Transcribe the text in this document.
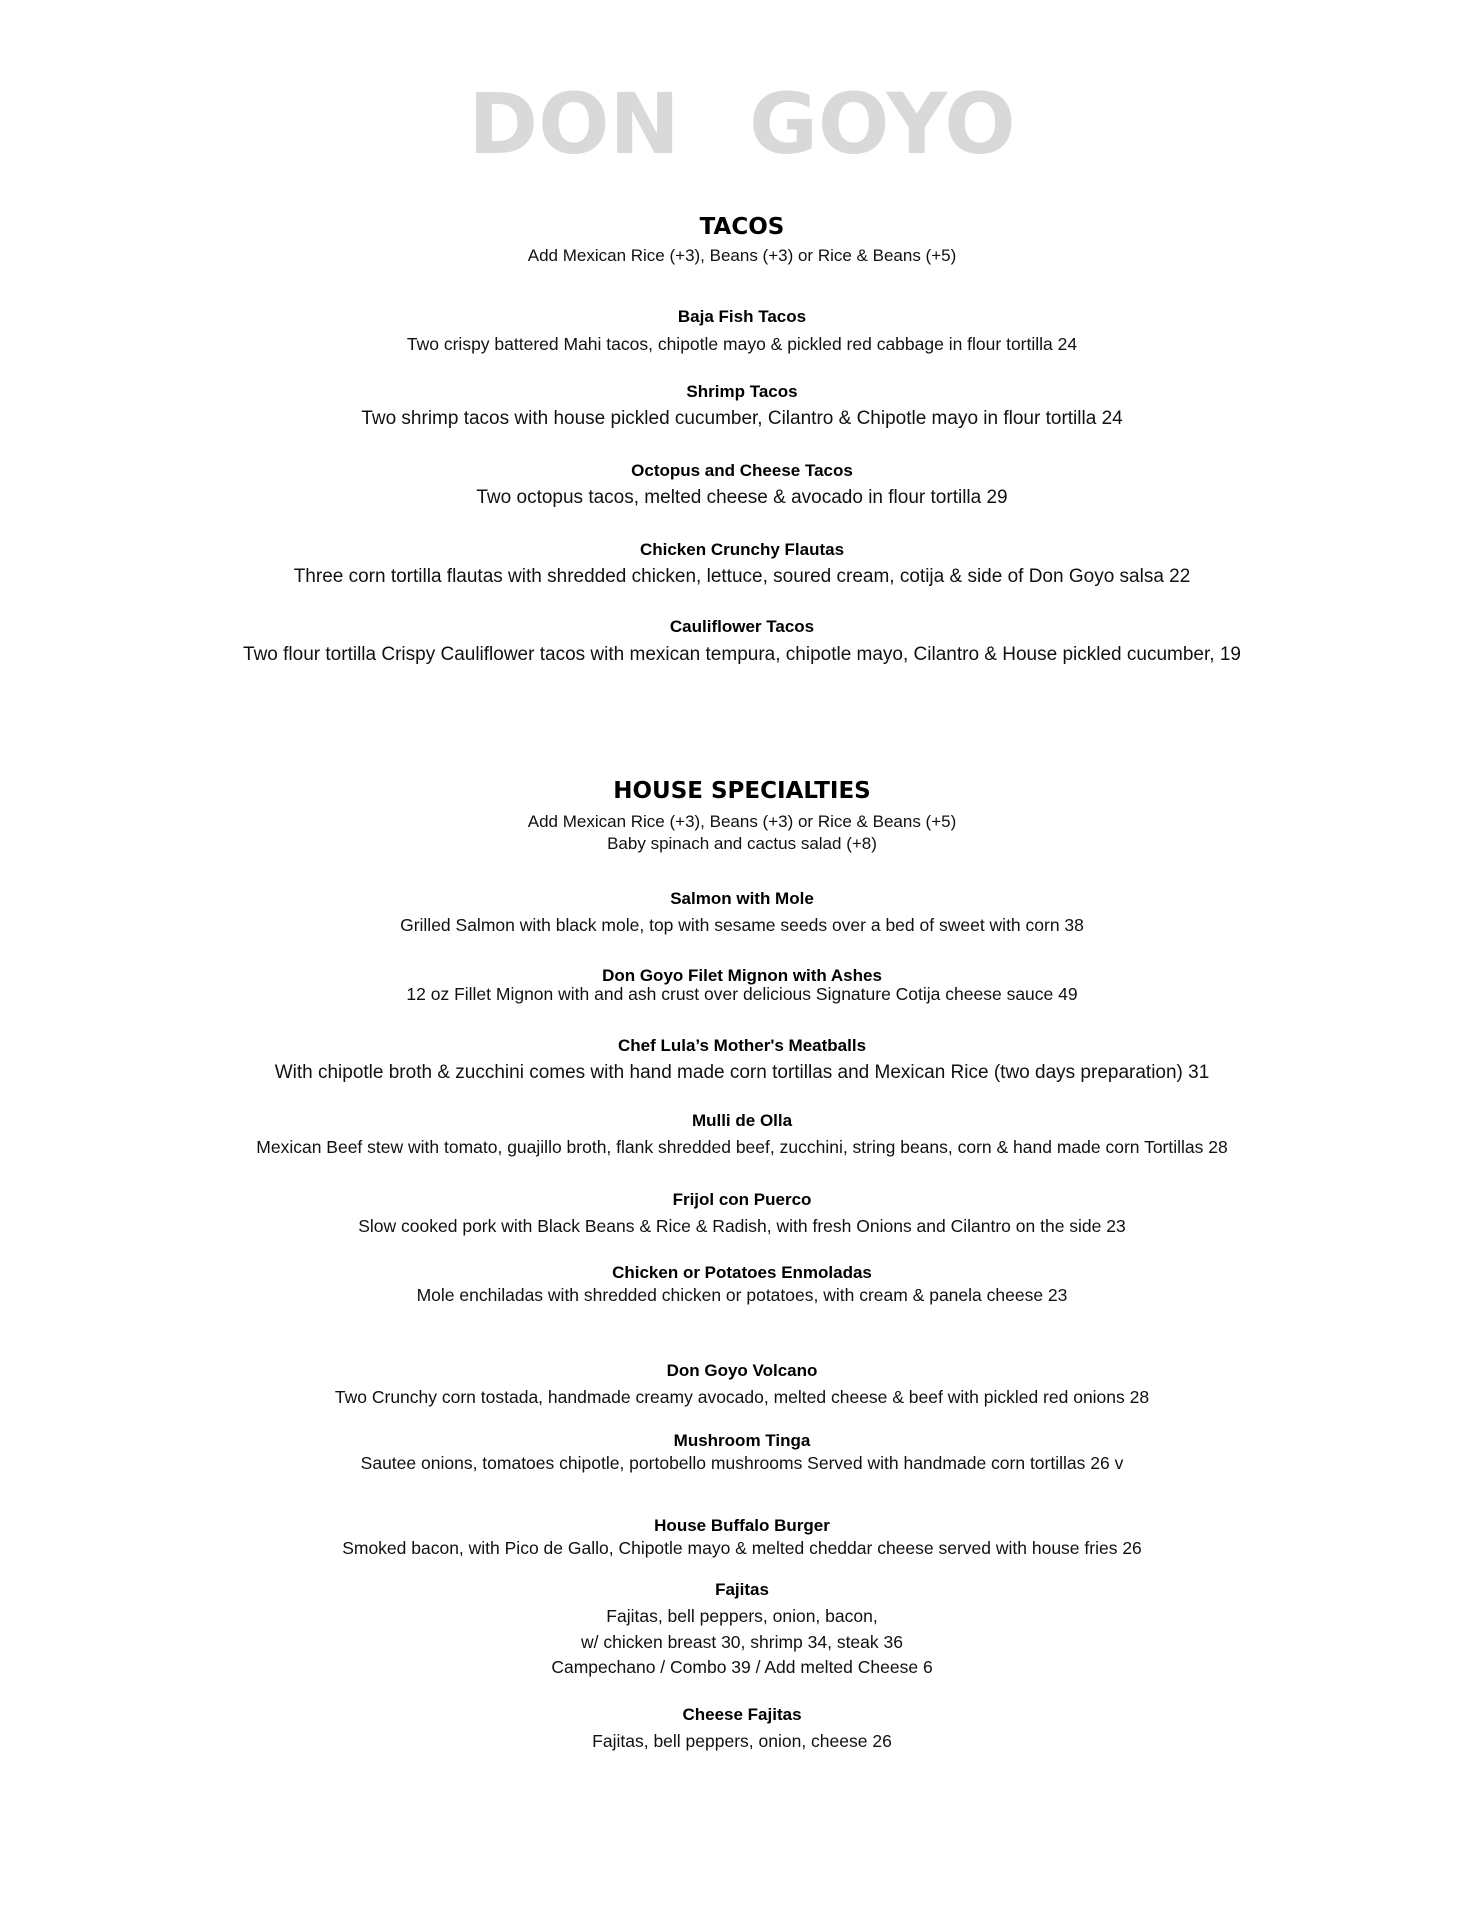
DON GOYO
TACOS
Add Mexican Rice (+3), Beans (+3) or Rice & Beans (+5)
Baja Fish Tacos
Two crispy battered Mahi tacos, chipotle mayo & pickled red cabbage in flour tortilla 24
Shrimp Tacos
Two shrimp tacos with house pickled cucumber, Cilantro & Chipotle mayo in flour tortilla 24
Octopus and Cheese Tacos
Two octopus tacos, melted cheese & avocado in flour tortilla 29
Chicken Crunchy Flautas
Three corn tortilla flautas with shredded chicken, lettuce, soured cream, cotija & side of Don Goyo salsa 22
Cauliflower Tacos
Two flour tortilla Crispy Cauliflower tacos with mexican tempura, chipotle mayo, Cilantro & House pickled cucumber, 19
HOUSE SPECIALTIES
Add Mexican Rice (+3), Beans (+3) or Rice & Beans (+5)
Baby spinach and cactus salad (+8)
Salmon with Mole
Grilled Salmon with black mole, top with sesame seeds over a bed of sweet with corn 38
Don Goyo Filet Mignon with Ashes
12 oz Fillet Mignon with and ash crust over delicious Signature Cotija cheese sauce 49
Chef Lula’s Mother's Meatballs
With chipotle broth & zucchini comes with hand made corn tortillas and Mexican Rice (two days preparation) 31
Mulli de Olla
Mexican Beef stew with tomato, guajillo broth, flank shredded beef, zucchini, string beans, corn & hand made corn Tortillas 28
Frijol con Puerco
Slow cooked pork with Black Beans & Rice & Radish, with fresh Onions and Cilantro on the side 23
Chicken or Potatoes Enmoladas
Mole enchiladas with shredded chicken or potatoes, with cream & panela cheese 23
Don Goyo Volcano
Two Crunchy corn tostada, handmade creamy avocado, melted cheese & beef with pickled red onions 28
Mushroom Tinga
Sautee onions, tomatoes chipotle, portobello mushrooms Served with handmade corn tortillas 26 v
House Buffalo Burger
Smoked bacon, with Pico de Gallo, Chipotle mayo & melted cheddar cheese served with house fries 26
Fajitas
Fajitas, bell peppers, onion, bacon,
w/ chicken breast 30, shrimp 34, steak 36
Campechano / Combo 39 / Add melted Cheese 6
Cheese Fajitas
Fajitas, bell peppers, onion, cheese 26
